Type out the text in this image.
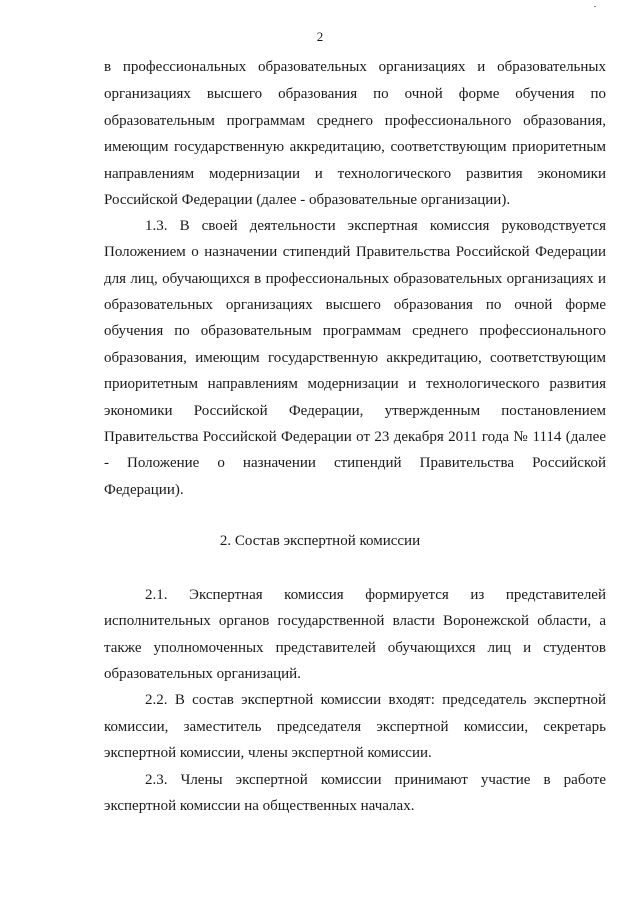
2
в профессиональных образовательных организациях и образовательных
организациях высшего образования по очной форме обучения по
образовательным программам среднего профессионального образования,
имеющим государственную аккредитацию, соответствующим приоритетным
направлениям модернизации и технологического развития экономики
Российской Федерации (далее - образовательные организации).
1.3. В своей деятельности экспертная комиссия руководствуется
Положением о назначении стипендий Правительства Российской Федерации
для лиц, обучающихся в профессиональных образовательных организациях и
образовательных организациях высшего образования по очной форме
обучения по образовательным программам среднего профессионального
образования, имеющим государственную аккредитацию, соответствующим
приоритетным направлениям модернизации и технологического развития
экономики Российской Федерации, утвержденным постановлением
Правительства Российской Федерации от 23 декабря 2011 года № 1114 (далее
- Положение о назначении стипендий Правительства Российской
Федерации).
2. Состав экспертной комиссии
2.1. Экспертная комиссия формируется из представителей
исполнительных органов государственной власти Воронежской области, а
также уполномоченных представителей обучающихся лиц и студентов
образовательных организаций.
2.2. В состав экспертной комиссии входят: председатель экспертной
комиссии, заместитель председателя экспертной комиссии, секретарь
экспертной комиссии, члены экспертной комиссии.
2.3. Члены экспертной комиссии принимают участие в работе
экспертной комиссии на общественных началах.
